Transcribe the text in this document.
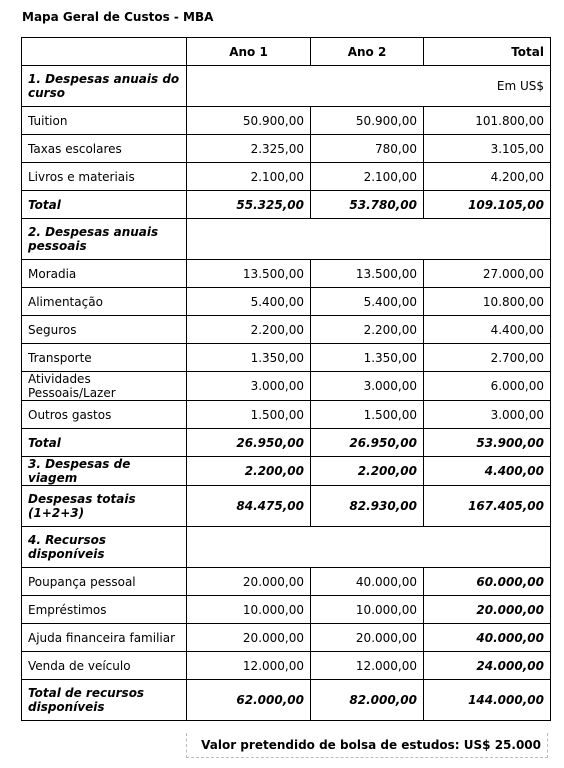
Mapa Geral de Custos - MBA
	Ano 1	Ano 2	Total
1. Despesas anuais do curso	Em US$		
Tuition	50.900,00	50.900,00	101.800,00
Taxas escolares	2.325,00	780,00	3.105,00
Livros e materiais	2.100,00	2.100,00	4.200,00
Total	55.325,00	53.780,00	109.105,00
2. Despesas anuais pessoais			
Moradia	13.500,00	13.500,00	27.000,00
Alimentação	5.400,00	5.400,00	10.800,00
Seguros	2.200,00	2.200,00	4.400,00
Transporte	1.350,00	1.350,00	2.700,00
Atividades Pessoais/Lazer	3.000,00	3.000,00	6.000,00
Outros gastos	1.500,00	1.500,00	3.000,00
Total	26.950,00	26.950,00	53.900,00
3. Despesas de viagem	2.200,00	2.200,00	4.400,00
Despesas totais (1+2+3)	84.475,00	82.930,00	167.405,00
4. Recursos disponíveis			
Poupança pessoal	20.000,00	40.000,00	60.000,00
Empréstimos	10.000,00	10.000,00	20.000,00
Ajuda financeira familiar	20.000,00	20.000,00	40.000,00
Venda de veículo	12.000,00	12.000,00	24.000,00
Total de recursos disponíveis	62.000,00	82.000,00	144.000,00
Valor pretendido de bolsa de estudos: US$ 25.000
